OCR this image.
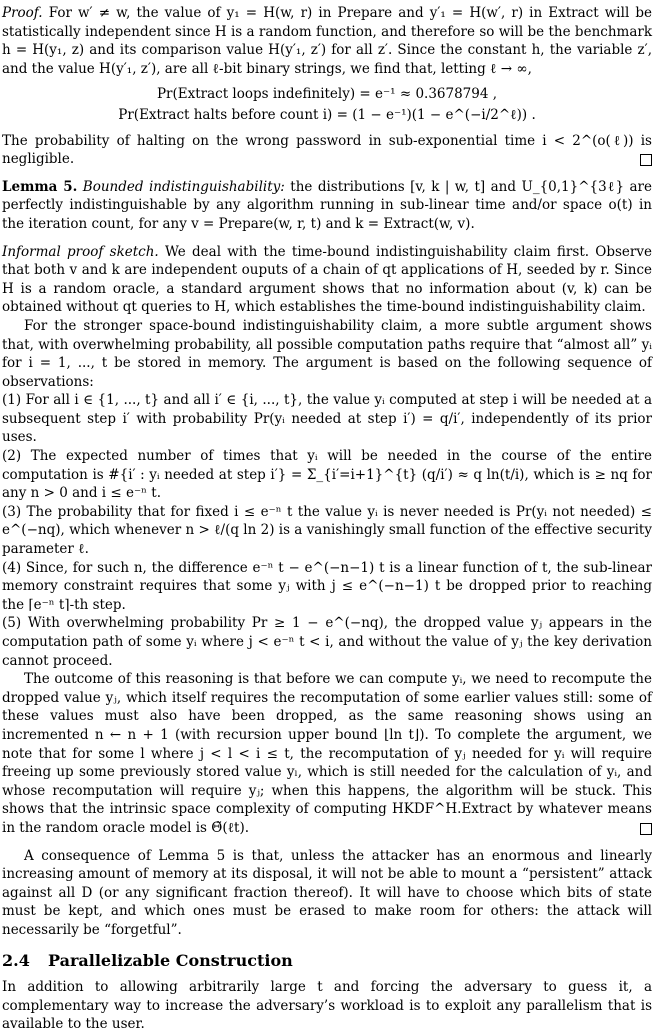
Proof. For w′ ≠ w, the value of y₁ = H(w, r) in Prepare and y′₁ = H(w′, r) in Extract will be statistically independent since H is a random function, and therefore so will be the benchmark h = H(y₁, z) and its comparison value H(y′₁, z′) for all z′. Since the constant h, the variable z′, and the value H(y′₁, z′), are all ℓ-bit binary strings, we find that, letting ℓ → ∞,

Pr(Extract loops indefinitely) = e⁻¹ ≈ 0.3678794 ,
Pr(Extract halts before count i) = (1 − e⁻¹)(1 − e^(−i/2^ℓ)) .

The probability of halting on the wrong password in sub-exponential time i < 2^(o(ℓ)) is negligible.

Lemma 5. Bounded indistinguishability: the distributions [v, k | w, t] and U_{0,1}^{3ℓ} are perfectly indistinguishable by any algorithm running in sub-linear time and/or space o(t) in the iteration count, for any v = Prepare(w, r, t) and k = Extract(w, v).

Informal proof sketch. We deal with the time-bound indistinguishability claim first. Observe that both v and k are independent ouputs of a chain of qt applications of H, seeded by r. Since H is a random oracle, a standard argument shows that no information about (v, k) can be obtained without qt queries to H, which establishes the time-bound indistinguishability claim.

For the stronger space-bound indistinguishability claim, a more subtle argument shows that, with overwhelming probability, all possible computation paths require that “almost all” yᵢ for i = 1, ..., t be stored in memory. The argument is based on the following sequence of observations:

(1) For all i ∈ {1, ..., t} and all i′ ∈ {i, ..., t}, the value yᵢ computed at step i will be needed at a subsequent step i′ with probability Pr(yᵢ needed at step i′) = q/i′, independently of its prior uses.

(2) The expected number of times that yᵢ will be needed in the course of the entire computation is #{i′ : yᵢ needed at step i′} = Σ_{i′=i+1}^{t} (q/i′) ≈ q ln(t/i), which is ≥ nq for any n > 0 and i ≤ e⁻ⁿ t.

(3) The probability that for fixed i ≤ e⁻ⁿ t the value yᵢ is never needed is Pr(yᵢ not needed) ≤ e^(−nq), which whenever n > ℓ/(q ln 2) is a vanishingly small function of the effective security parameter ℓ.

(4) Since, for such n, the difference e⁻ⁿ t − e^(−n−1) t is a linear function of t, the sub-linear memory constraint requires that some yⱼ with j ≤ e^(−n−1) t be dropped prior to reaching the ⌈e⁻ⁿ t⌉-th step.

(5) With overwhelming probability Pr ≥ 1 − e^(−nq), the dropped value yⱼ appears in the computation path of some yᵢ where j < e⁻ⁿ t < i, and without the value of yⱼ the key derivation cannot proceed.

The outcome of this reasoning is that before we can compute yᵢ, we need to recompute the dropped value yⱼ, which itself requires the recomputation of some earlier values still: some of these values must also have been dropped, as the same reasoning shows using an incremented n ← n + 1 (with recursion upper bound ⌊ln t⌋). To complete the argument, we note that for some l where j < l < i ≤ t, the recomputation of yⱼ needed for yᵢ will require freeing up some previously stored value yₗ, which is still needed for the calculation of yᵢ, and whose recomputation will require yⱼ; when this happens, the algorithm will be stuck. This shows that the intrinsic space complexity of computing HKDF^H.Extract by whatever means in the random oracle model is Θ̃(ℓt).

A consequence of Lemma 5 is that, unless the attacker has an enormous and linearly increasing amount of memory at its disposal, it will not be able to mount a “persistent” attack against all D (or any significant fraction thereof). It will have to choose which bits of state must be kept, and which ones must be erased to make room for others: the attack will necessarily be “forgetful”.

2.4 Parallelizable Construction

In addition to allowing arbitrarily large t and forcing the adversary to guess it, a complementary way to increase the adversary’s workload is to exploit any parallelism that is available to the user.
